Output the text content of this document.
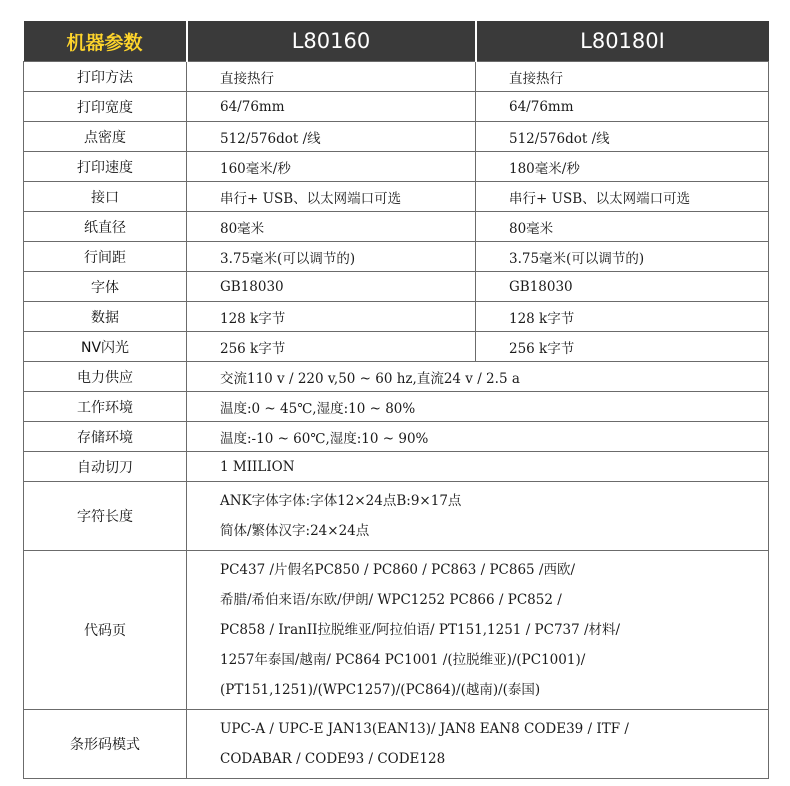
机器参数	L80160	L80180I
打印方法	直接热行	直接热行
打印宽度	64/76mm	64/76mm
点密度	512/576dot /线	512/576dot /线
打印速度	160毫米/秒	180毫米/秒
接口	串行+ USB、以太网端口可选	串行+ USB、以太网端口可选
纸直径	80毫米	80毫米
行间距	3.75毫米(可以调节的)	3.75毫米(可以调节的)
字体	GB18030	GB18030
数据	128 k字节	128 k字节
NV闪光	256 k字节	256 k字节
电力供应	交流110 v / 220 v,50 ~ 60 hz,直流24 v / 2.5 a	
工作环境	温度:0 ~ 45℃,湿度:10 ~ 80%	
存储环境	温度:-10 ~ 60℃,湿度:10 ~ 90%	
自动切刀	1 MIILION	
字符长度	ANK字体字体:字体12×24点B:9×17点
简体/繁体汉字:24×24点	

代码页	PC437 /片假名PC850 / PC860 / PC863 / PC865 /西欧/
希腊/希伯来语/东欧/伊朗/ WPC1252 PC866 / PC852 /
PC858 / IranII拉脱维亚/阿拉伯语/ PT151,1251 / PC737 /材料/
1257年泰国/越南/ PC864 PC1001 /(拉脱维亚)/(PC1001)/
(PT151,1251)/(WPC1257)/(PC864)/(越南)/(泰国)	

条形码模式	UPC-A / UPC-E JAN13(EAN13)/ JAN8 EAN8 CODE39 / ITF /
CODABAR / CODE93 / CODE128	
